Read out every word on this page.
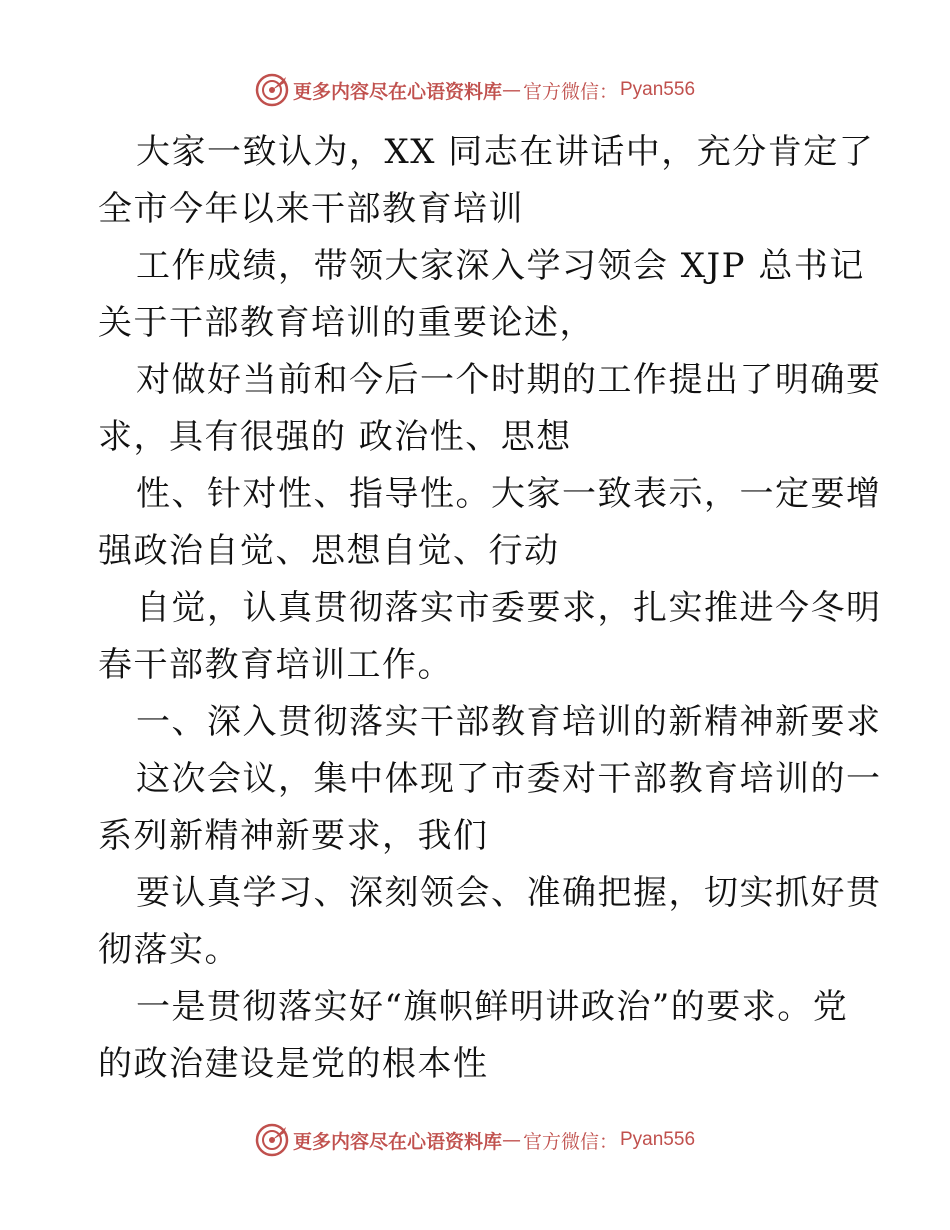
更多内容尽在心语资料库 — 官方微信： Pyan556
大家一致认为，XX 同志在讲话中，充分肯定了
全市今年以来干部教育培训
工作成绩，带领大家深入学习领会 XJP 总书记
关于干部教育培训的重要论述，
对做好当前和今后一个时期的工作提出了明确要
求，具有很强的 政治性、思想
性、针对性、指导性。大家一致表示，一定要增
强政治自觉、思想自觉、行动
自觉，认真贯彻落实市委要求，扎实推进今冬明
春干部教育培训工作。
一、深入贯彻落实干部教育培训的新精神新要求
这次会议，集中体现了市委对干部教育培训的一
系列新精神新要求，我们
要认真学习、深刻领会、准确把握，切实抓好贯
彻落实。
一是贯彻落实好“旗帜鲜明讲政治”的要求。党
的政治建设是党的根本性
更多内容尽在心语资料库 — 官方微信： Pyan556
